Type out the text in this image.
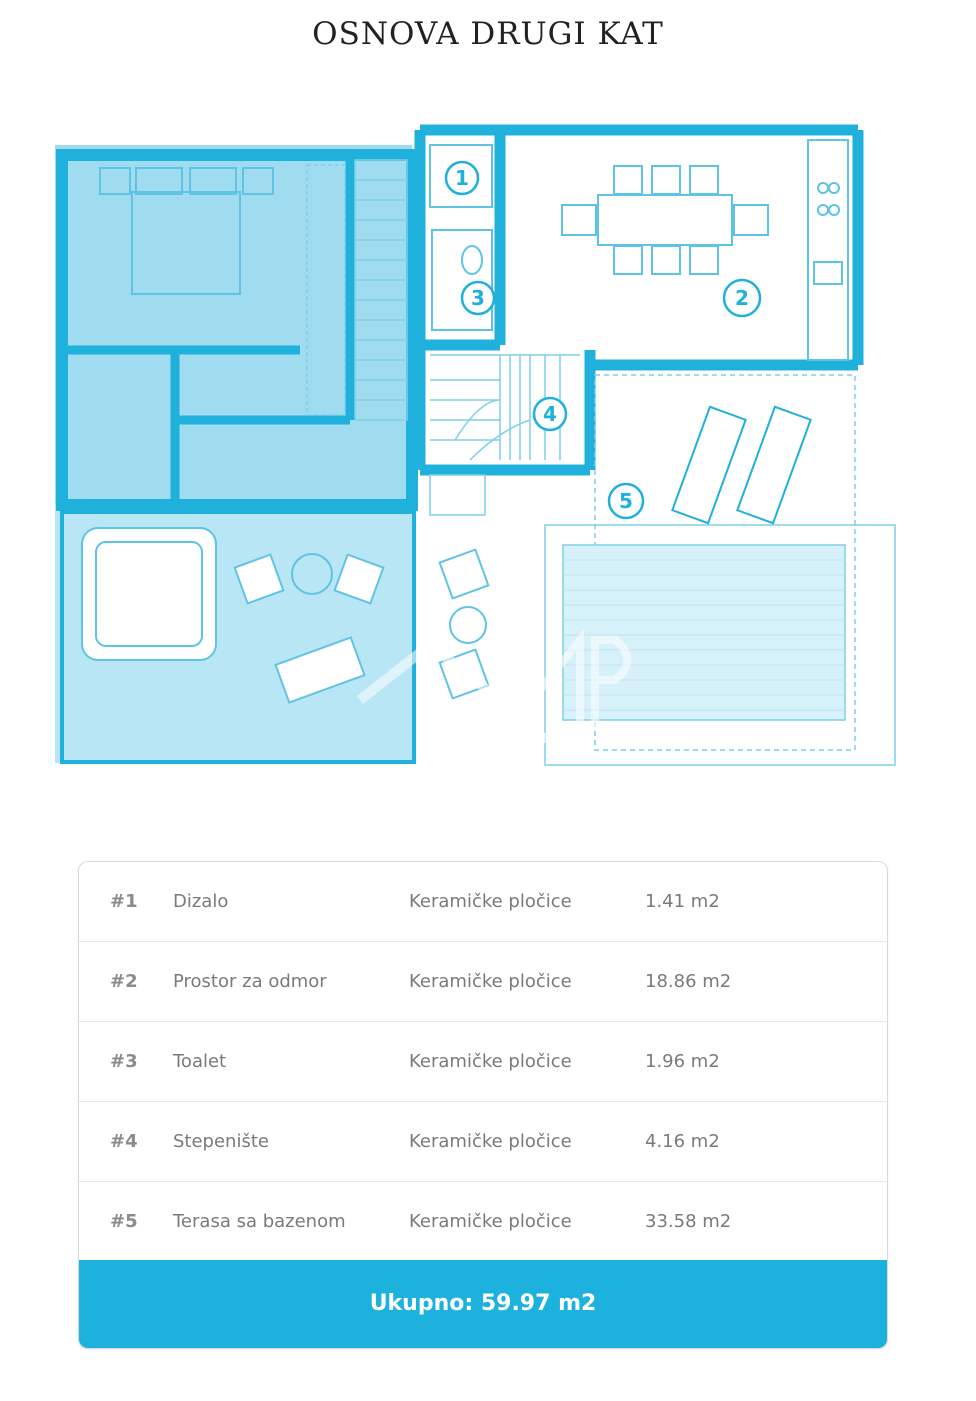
OSNOVA DRUGI KAT
1
2
3
4
5
NEKRETNINE
#1 Dizalo	Keramičke pločice	1.41 m2
#2 Prostor za odmor	Keramičke pločice	18.86 m2
#3 Toalet	Keramičke pločice	1.96 m2
#4 Stepenište	Keramičke pločice	4.16 m2
#5 Terasa sa bazenom	Keramičke pločice	33.58 m2
Ukupno: 59.97 m2
